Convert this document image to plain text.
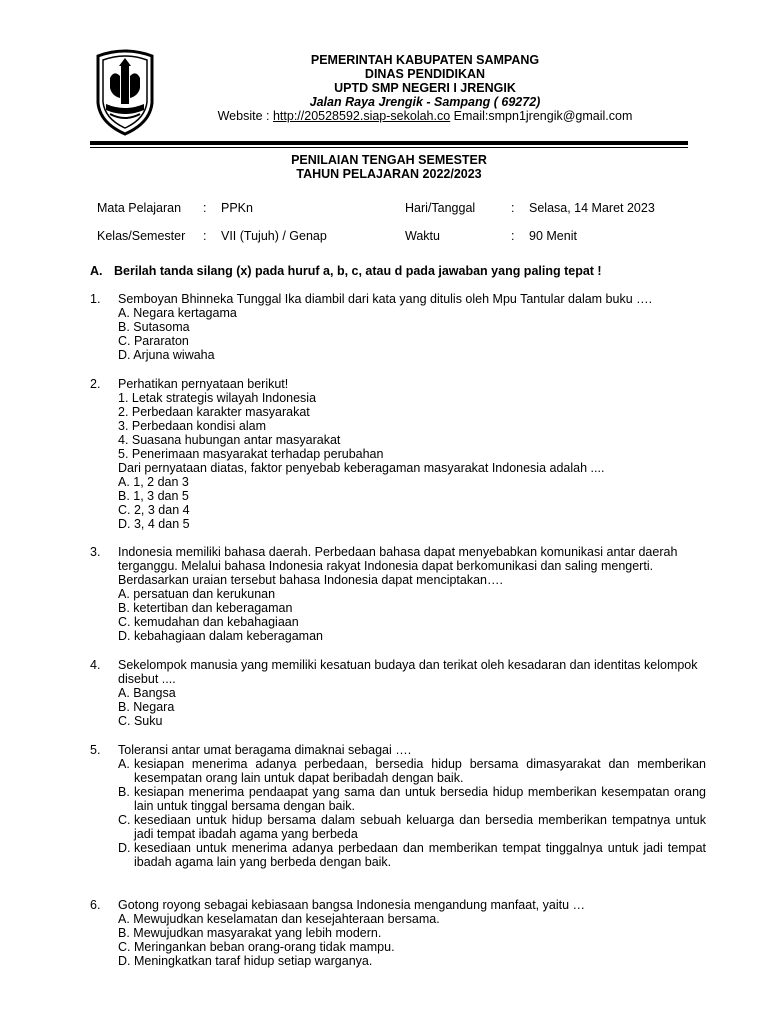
PEMERINTAH KABUPATEN SAMPANG
DINAS PENDIDIKAN
UPTD SMP NEGERI I JRENGIK
Jalan Raya Jrengik - Sampang ( 69272)
Website : http://20528592.siap-sekolah.co Email:smpn1jrengik@gmail.com
PENILAIAN TENGAH SEMESTER
TAHUN PELAJARAN 2022/2023
Mata Pelajaran : PPKn	Hari/Tanggal	: Selasa, 14 Maret 2023
Kelas/Semester : VII (Tujuh) / Genap	Waktu	: 90 Menit
A. Berilah tanda silang (x) pada huruf a, b, c, atau d pada jawaban yang paling tepat !
1.	Semboyan Bhinneka Tunggal Ika diambil dari kata yang ditulis oleh Mpu Tantular dalam buku ….
A. Negara kertagama
B. Sutasoma
C. Pararaton
D. Arjuna wiwaha
2.	Perhatikan pernyataan berikut!
1. Letak strategis wilayah Indonesia
2. Perbedaan karakter masyarakat
3. Perbedaan kondisi alam
4. Suasana hubungan antar masyarakat
5. Penerimaan masyarakat terhadap perubahan
Dari pernyataan diatas, faktor penyebab keberagaman masyarakat Indonesia adalah ....
A. 1, 2 dan 3
B. 1, 3 dan 5
C. 2, 3 dan 4
D. 3, 4 dan 5
3.	Indonesia memiliki bahasa daerah. Perbedaan bahasa dapat menyebabkan komunikasi antar daerah
terganggu. Melalui bahasa Indonesia rakyat Indonesia dapat berkomunikasi dan saling mengerti.
Berdasarkan uraian tersebut bahasa Indonesia dapat menciptakan….
A. persatuan dan kerukunan
B. ketertiban dan keberagaman
C. kemudahan dan kebahagiaan
D. kebahagiaan dalam keberagaman
4.	Sekelompok manusia yang memiliki kesatuan budaya dan terikat oleh kesadaran dan identitas kelompok
disebut ....
A. Bangsa
B. Negara
C. Suku
5.	Toleransi antar umat beragama dimaknai sebagai ….
A. kesiapan menerima adanya perbedaan, bersedia hidup bersama dimasyarakat dan memberikan kesempatan orang lain untuk dapat beribadah dengan baik.
B. kesiapan menerima pendaapat yang sama dan untuk bersedia hidup memberikan kesempatan orang lain untuk tinggal bersama dengan baik.
C. kesediaan untuk hidup bersama dalam sebuah keluarga dan bersedia memberikan tempatnya untuk jadi tempat ibadah agama yang berbeda
D. kesediaan untuk menerima adanya perbedaan dan memberikan tempat tinggalnya untuk jadi tempat ibadah agama lain yang berbeda dengan baik.
6.	Gotong royong sebagai kebiasaan bangsa Indonesia mengandung manfaat, yaitu …
A. Mewujudkan keselamatan dan kesejahteraan bersama.
B. Mewujudkan masyarakat yang lebih modern.
C. Meringankan beban orang-orang tidak mampu.
D. Meningkatkan taraf hidup setiap warganya.
